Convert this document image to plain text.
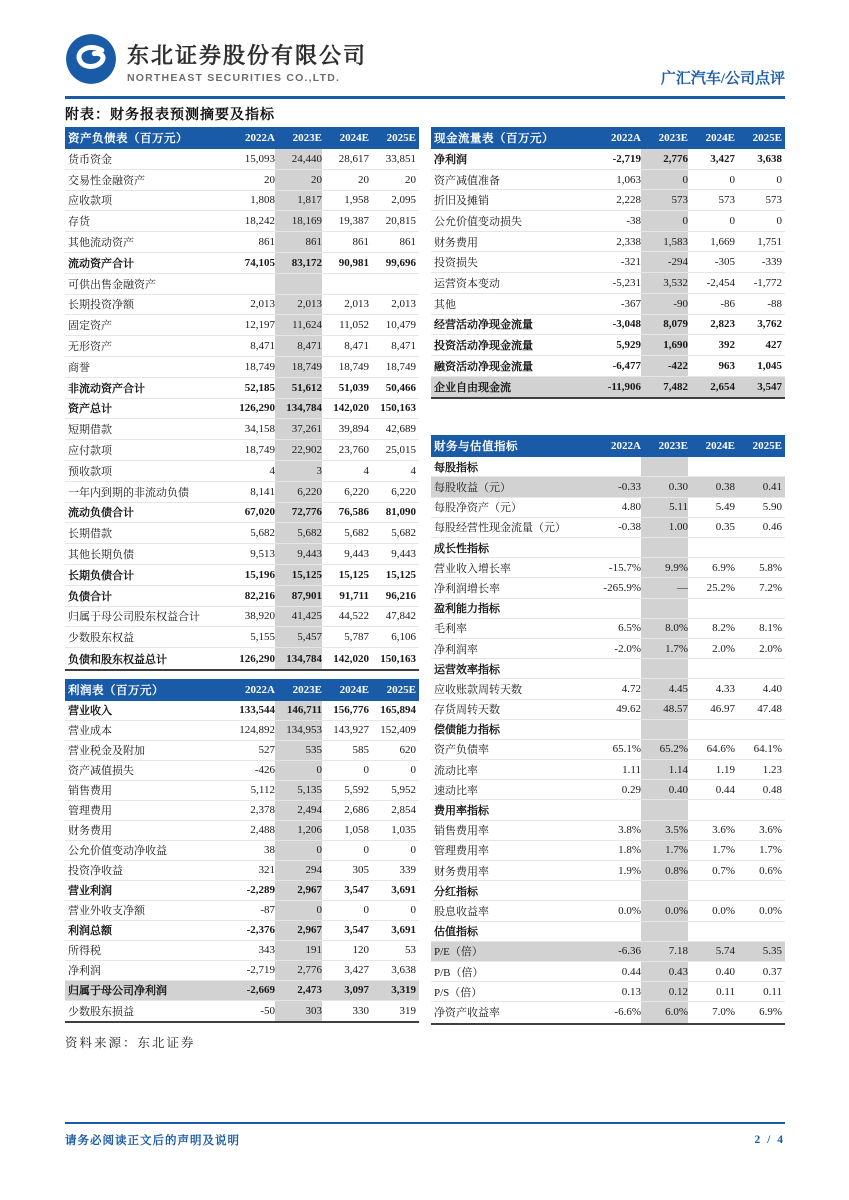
东北证券股份有限公司
NORTHEAST SECURITIES CO.,LTD.	广汇汽车/公司点评
附表：财务报表预测摘要及指标
资产负债表（百万元）	2022A	2023E	2024E	2025E
货币资金	15,093	24,440	28,617	33,851
交易性金融资产	20	20	20	20
应收款项	1,808	1,817	1,958	2,095
存货	18,242	18,169	19,387	20,815
其他流动资产	861	861	861	861
流动资产合计	74,105	83,172	90,981	99,696
可供出售金融资产
长期投资净额	2,013	2,013	2,013	2,013
固定资产	12,197	11,624	11,052	10,479
无形资产	8,471	8,471	8,471	8,471
商誉	18,749	18,749	18,749	18,749
非流动资产合计	52,185	51,612	51,039	50,466
资产总计	126,290	134,784	142,020	150,163
短期借款	34,158	37,261	39,894	42,689
应付款项	18,749	22,902	23,760	25,015
预收款项	4	3	4	4
一年内到期的非流动负债	8,141	6,220	6,220	6,220
流动负债合计	67,020	72,776	76,586	81,090
长期借款	5,682	5,682	5,682	5,682
其他长期负债	9,513	9,443	9,443	9,443
长期负债合计	15,196	15,125	15,125	15,125
负债合计	82,216	87,901	91,711	96,216
归属于母公司股东权益合计	38,920	41,425	44,522	47,842
少数股东权益	5,155	5,457	5,787	6,106
负债和股东权益总计	126,290	134,784	142,020	150,163
利润表（百万元）	2022A	2023E	2024E	2025E
营业收入	133,544	146,711	156,776	165,894
营业成本	124,892	134,953	143,927	152,409
营业税金及附加	527	535	585	620
资产减值损失	-426	0	0	0
销售费用	5,112	5,135	5,592	5,952
管理费用	2,378	2,494	2,686	2,854
财务费用	2,488	1,206	1,058	1,035
公允价值变动净收益	38	0	0	0
投资净收益	321	294	305	339
营业利润	-2,289	2,967	3,547	3,691
营业外收支净额	-87	0	0	0
利润总额	-2,376	2,967	3,547	3,691
所得税	343	191	120	53
净利润	-2,719	2,776	3,427	3,638
归属于母公司净利润	-2,669	2,473	3,097	3,319
少数股东损益	-50	303	330	319
资料来源：东北证券
现金流量表（百万元）	2022A	2023E	2024E	2025E
净利润	-2,719	2,776	3,427	3,638
资产减值准备	1,063	0	0	0
折旧及摊销	2,228	573	573	573
公允价值变动损失	-38	0	0	0
财务费用	2,338	1,583	1,669	1,751
投资损失	-321	-294	-305	-339
运营资本变动	-5,231	3,532	-2,454	-1,772
其他	-367	-90	-86	-88
经营活动净现金流量	-3,048	8,079	2,823	3,762
投资活动净现金流量	5,929	1,690	392	427
融资活动净现金流量	-6,477	-422	963	1,045
企业自由现金流	-11,906	7,482	2,654	3,547
财务与估值指标	2022A	2023E	2024E	2025E
每股指标
每股收益（元）	-0.33	0.30	0.38	0.41
每股净资产（元）	4.80	5.11	5.49	5.90
每股经营性现金流量（元）	-0.38	1.00	0.35	0.46
成长性指标
营业收入增长率	-15.7%	9.9%	6.9%	5.8%
净利润增长率	-265.9%	—	25.2%	7.2%
盈利能力指标
毛利率	6.5%	8.0%	8.2%	8.1%
净利润率	-2.0%	1.7%	2.0%	2.0%
运营效率指标
应收账款周转天数	4.72	4.45	4.33	4.40
存货周转天数	49.62	48.57	46.97	47.48
偿债能力指标
资产负债率	65.1%	65.2%	64.6%	64.1%
流动比率	1.11	1.14	1.19	1.23
速动比率	0.29	0.40	0.44	0.48
费用率指标
销售费用率	3.8%	3.5%	3.6%	3.6%
管理费用率	1.8%	1.7%	1.7%	1.7%
财务费用率	1.9%	0.8%	0.7%	0.6%
分红指标
股息收益率	0.0%	0.0%	0.0%	0.0%
估值指标
P/E（倍）	-6.36	7.18	5.74	5.35
P/B（倍）	0.44	0.43	0.40	0.37
P/S（倍）	0.13	0.12	0.11	0.11
净资产收益率	-6.6%	6.0%	7.0%	6.9%
请务必阅读正文后的声明及说明	2 / 4
